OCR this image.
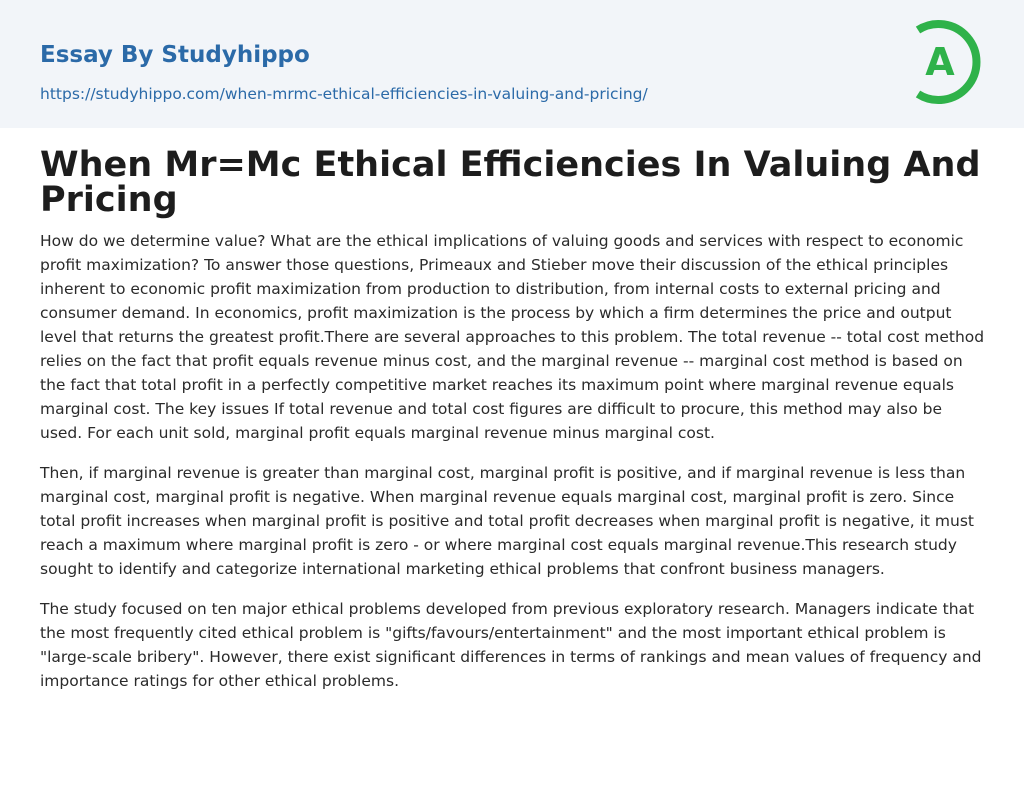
Essay By Studyhippo
https://studyhippo.com/when-mrmc-ethical-efficiencies-in-valuing-and-pricing/
A
When Mr=Mc Ethical Efficiencies In Valuing And Pricing

How do we determine value? What are the ethical implications of valuing goods and services with respect to economic profit maximization? To answer those questions, Primeaux and Stieber move their discussion of the ethical principles inherent to economic profit maximization from production to distribution, from internal costs to external pricing and consumer demand. In economics, profit maximization is the process by which a firm determines the price and output level that returns the greatest profit.There are several approaches to this problem. The total revenue -- total cost method relies on the fact that profit equals revenue minus cost, and the marginal revenue -- marginal cost method is based on the fact that total profit in a perfectly competitive market reaches its maximum point where marginal revenue equals marginal cost. The key issues If total revenue and total cost figures are difficult to procure, this method may also be used. For each unit sold, marginal profit equals marginal revenue minus marginal cost.

Then, if marginal revenue is greater than marginal cost, marginal profit is positive, and if marginal revenue is less than marginal cost, marginal profit is negative. When marginal revenue equals marginal cost, marginal profit is zero. Since total profit increases when marginal profit is positive and total profit decreases when marginal profit is negative, it must reach a maximum where marginal profit is zero - or where marginal cost equals marginal revenue.This research study sought to identify and categorize international marketing ethical problems that confront business managers.

The study focused on ten major ethical problems developed from previous exploratory research. Managers indicate that the most frequently cited ethical problem is "gifts/favours/entertainment" and the most important ethical problem is "large-scale bribery". However, there exist significant differences in terms of rankings and mean values of frequency and importance ratings for other ethical problems.
